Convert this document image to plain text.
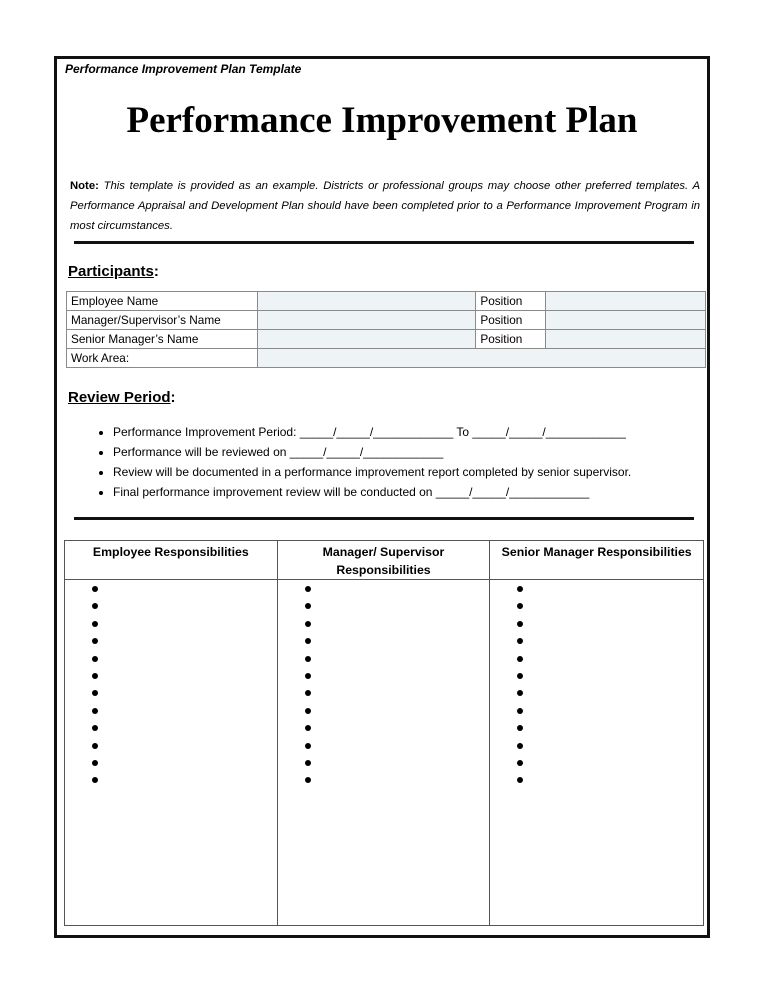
Performance Improvement Plan Template
Performance Improvement Plan
Note: This template is provided as an example. Districts or professional groups may choose other preferred templates. A Performance Appraisal and Development Plan should have been completed prior to a Performance Improvement Program in most circumstances.
Participants:
Employee Name		Position	
Manager/Supervisor’s Name		Position	
Senior Manager’s Name		Position	
Work Area:			
Review Period:
• Performance Improvement Period: _____/_____/____________ To _____/_____/____________
• Performance will be reviewed on _____/_____/____________
• Review will be documented in a performance improvement report completed by senior supervisor.
• Final performance improvement review will be conducted on _____/_____/____________
Employee Responsibilities	Manager/ Supervisor Responsibilities	Senior Manager Responsibilities
